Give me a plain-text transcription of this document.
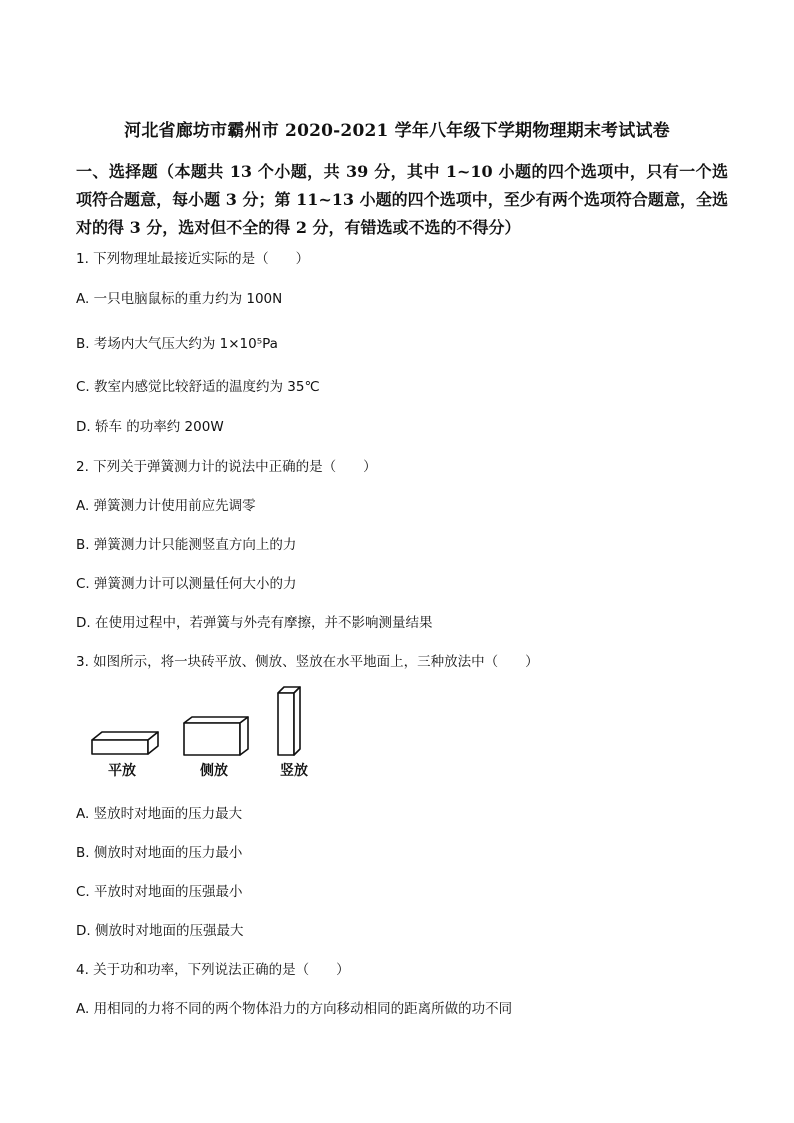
河北省廊坊市霸州市 2020-2021 学年八年级下学期物理期末考试试卷
一、选择题（本题共 13 个小题，共 39 分，其中 1~10 小题的四个选项中，只有一个选项符合题意，每小题 3 分；第 11~13 小题的四个选项中，至少有两个选项符合题意，全选对的得 3 分，选对但不全的得 2 分，有错选或不选的不得分）
1. 下列物理址最接近实际的是（　　）
A. 一只电脑鼠标的重力约为 100N
B. 考场内大气压大约为 1×10⁵Pa
C. 教室内感觉比较舒适的温度约为 35℃
D. 轿车 的功率约 200W
2. 下列关于弹簧测力计的说法中正确的是（　　）
A. 弹簧测力计使用前应先调零
B. 弹簧测力计只能测竖直方向上的力
C. 弹簧测力计可以测量任何大小的力
D. 在使用过程中，若弹簧与外壳有摩擦，并不影响测量结果
3. 如图所示，将一块砖平放、侧放、竖放在水平地面上，三种放法中（　　）
平放	侧放	竖放
A. 竖放时对地面的压力最大
B. 侧放时对地面的压力最小
C. 平放时对地面的压强最小
D. 侧放时对地面的压强最大
4. 关于功和功率，下列说法正确的是（　　）
A. 用相同的力将不同的两个物体沿力的方向移动相同的距离所做的功不同
